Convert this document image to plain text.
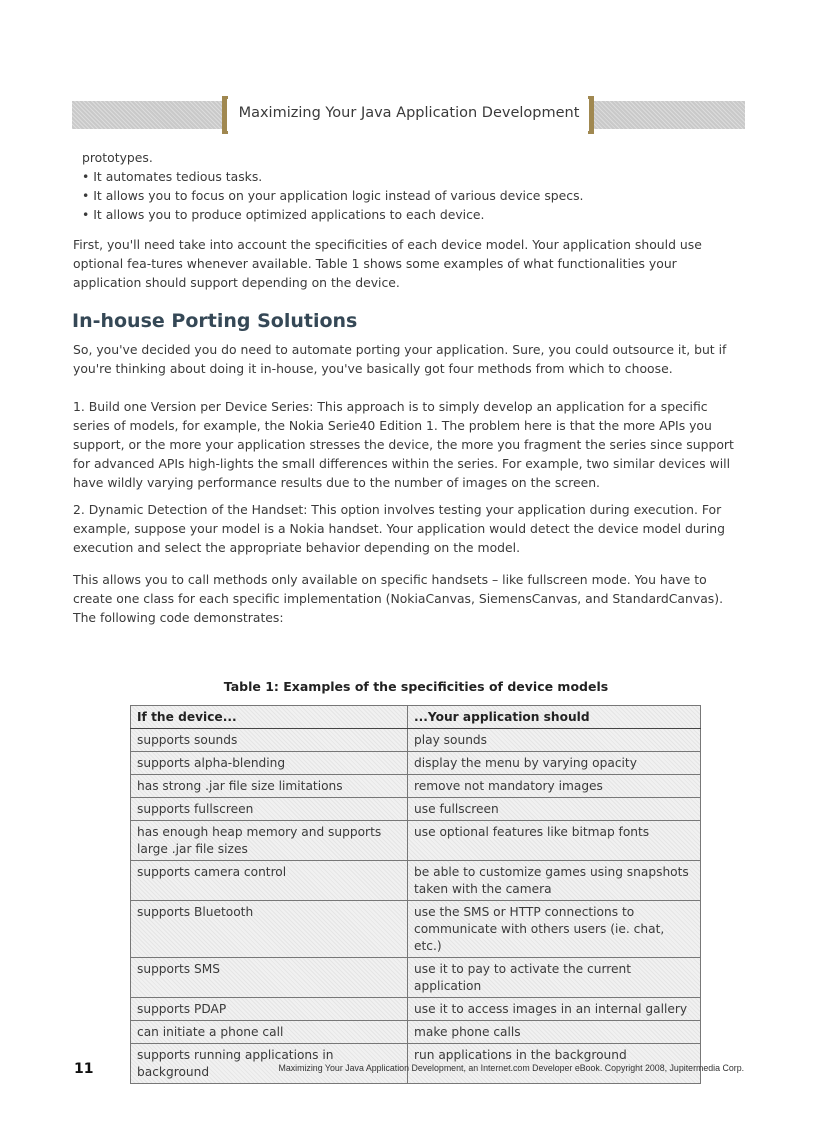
Maximizing Your Java Application Development

prototypes.

• It automates tedious tasks.

• It allows you to focus on your application logic instead of various device specs.

• It allows you to produce optimized applications to each device.

First, you'll need take into account the specificities of each device model. Your application should use optional fea-tures whenever available. Table 1 shows some examples of what functionalities your application should support depending on the device.

In-house Porting Solutions

So, you've decided you do need to automate porting your application. Sure, you could outsource it, but if you're thinking about doing it in-house, you've basically got four methods from which to choose.

1. Build one Version per Device Series: This approach is to simply develop an application for a specific series of models, for example, the Nokia Serie40 Edition 1. The problem here is that the more APIs you support, or the more your application stresses the device, the more you fragment the series since support for advanced APIs high-lights the small differences within the series. For example, two similar devices will have wildly varying performance results due to the number of images on the screen.

2. Dynamic Detection of the Handset: This option involves testing your application during execution. For example, suppose your model is a Nokia handset. Your application would detect the device model during execution and select the appropriate behavior depending on the model.

This allows you to call methods only available on specific handsets – like fullscreen mode. You have to create one class for each specific implementation (NokiaCanvas, SiemensCanvas, and StandardCanvas). The following code demonstrates:

Table 1: Examples of the specificities of device models
If the device...	...Your application should
supports sounds	play sounds
supports alpha-blending	display the menu by varying opacity
has strong .jar file size limitations	remove not mandatory images
supports fullscreen	use fullscreen
has enough heap memory and supports large .jar file sizes	use optional features like bitmap fonts
supports camera control	be able to customize games using snapshots taken with the camera
supports Bluetooth	use the SMS or HTTP connections to communicate with others users (ie. chat, etc.)
supports SMS	use it to pay to activate the current application
supports PDAP	use it to access images in an internal gallery
can initiate a phone call	make phone calls
supports running applications in background	run applications in the background
11	Maximizing Your Java Application Development, an Internet.com Developer eBook. Copyright 2008, Jupitermedia Corp.
